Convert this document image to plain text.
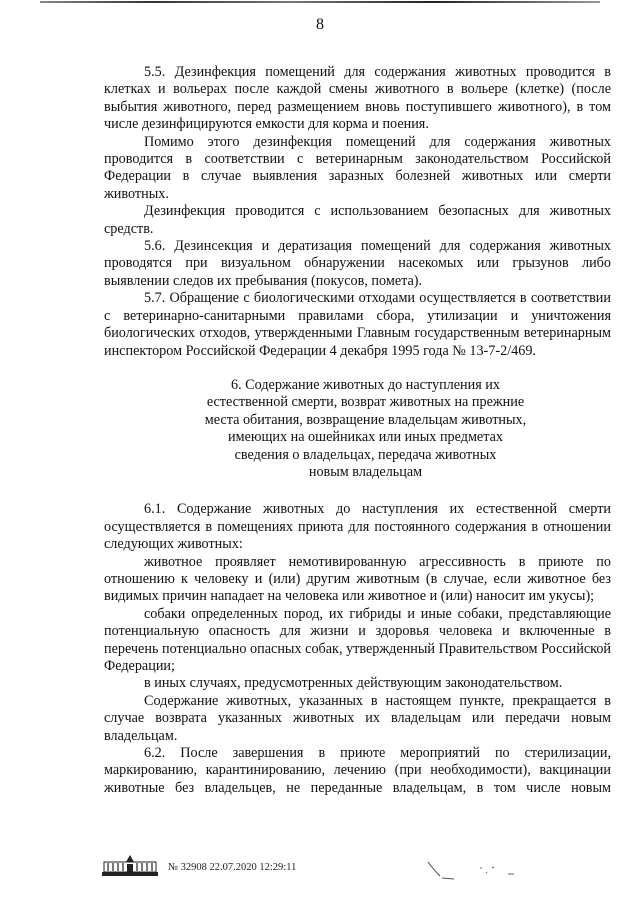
8

5.5. Дезинфекция помещений для содержания животных проводится в клетках и вольерах после каждой смены животного в вольере (клетке) (после выбытия животного, перед размещением вновь поступившего животного), в том числе дезинфицируются емкости для корма и поения.

Помимо этого дезинфекция помещений для содержания животных проводится в соответствии с ветеринарным законодательством Российской Федерации в случае выявления заразных болезней животных или смерти животных.

Дезинфекция проводится с использованием безопасных для животных средств.

5.6. Дезинсекция и дератизация помещений для содержания животных проводятся при визуальном обнаружении насекомых или грызунов либо выявлении следов их пребывания (покусов, помета).

5.7. Обращение с биологическими отходами осуществляется в соответствии с ветеринарно-санитарными правилами сбора, утилизации и уничтожения биологических отходов, утвержденными Главным государственным ветеринарным инспектором Российской Федерации 4 декабря 1995 года № 13-7-2/469.

6. Содержание животных до наступления их
естественной смерти, возврат животных на прежние
места обитания, возвращение владельцам животных,
имеющих на ошейниках или иных предметах
сведения о владельцах, передача животных
новым владельцам

6.1. Содержание животных до наступления их естественной смерти осуществляется в помещениях приюта для постоянного содержания в отношении следующих животных:

животное проявляет немотивированную агрессивность в приюте по отношению к человеку и (или) другим животным (в случае, если животное без видимых причин нападает на человека или животное и (или) наносит им укусы);

собаки определенных пород, их гибриды и иные собаки, представляющие потенциальную опасность для жизни и здоровья человека и включенные в перечень потенциально опасных собак, утвержденный Правительством Российской Федерации;

в иных случаях, предусмотренных действующим законодательством.

Содержание животных, указанных в настоящем пункте, прекращается в случае возврата указанных животных их владельцам или передачи новым владельцам.

6.2. После завершения в приюте мероприятий по стерилизации, маркированию, карантинированию, лечению (при необходимости), вакцинации животные без владельцев, не переданные владельцам, в том числе новым

№ 32908 22.07.2020 12:29:11
